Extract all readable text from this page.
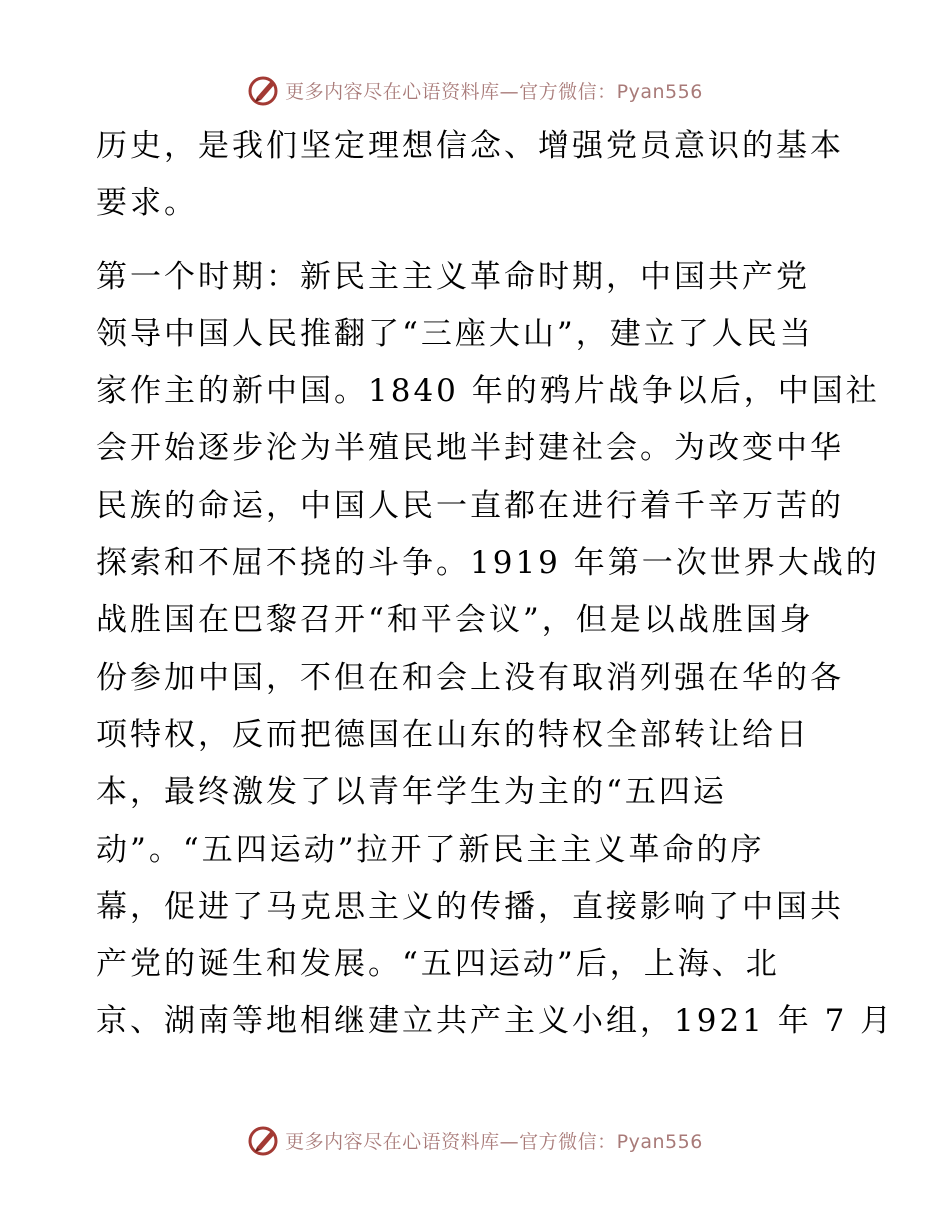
更多内容尽在心语资料库—官方微信：Pyan556
历史，是我们坚定理想信念、增强党员意识的基本
要求。
第一个时期：新民主主义革命时期，中国共产党
领导中国人民推翻了“三座大山”，建立了人民当
家作主的新中国。1840 年的鸦片战争以后，中国社
会开始逐步沦为半殖民地半封建社会。为改变中华
民族的命运，中国人民一直都在进行着千辛万苦的
探索和不屈不挠的斗争。1919 年第一次世界大战的
战胜国在巴黎召开“和平会议”，但是以战胜国身
份参加中国，不但在和会上没有取消列强在华的各
项特权，反而把德国在山东的特权全部转让给日
本，最终激发了以青年学生为主的“五四运
动”。“五四运动”拉开了新民主主义革命的序
幕，促进了马克思主义的传播，直接影响了中国共
产党的诞生和发展。“五四运动”后，上海、北
京、湖南等地相继建立共产主义小组，1921 年 7 月
更多内容尽在心语资料库—官方微信：Pyan556
